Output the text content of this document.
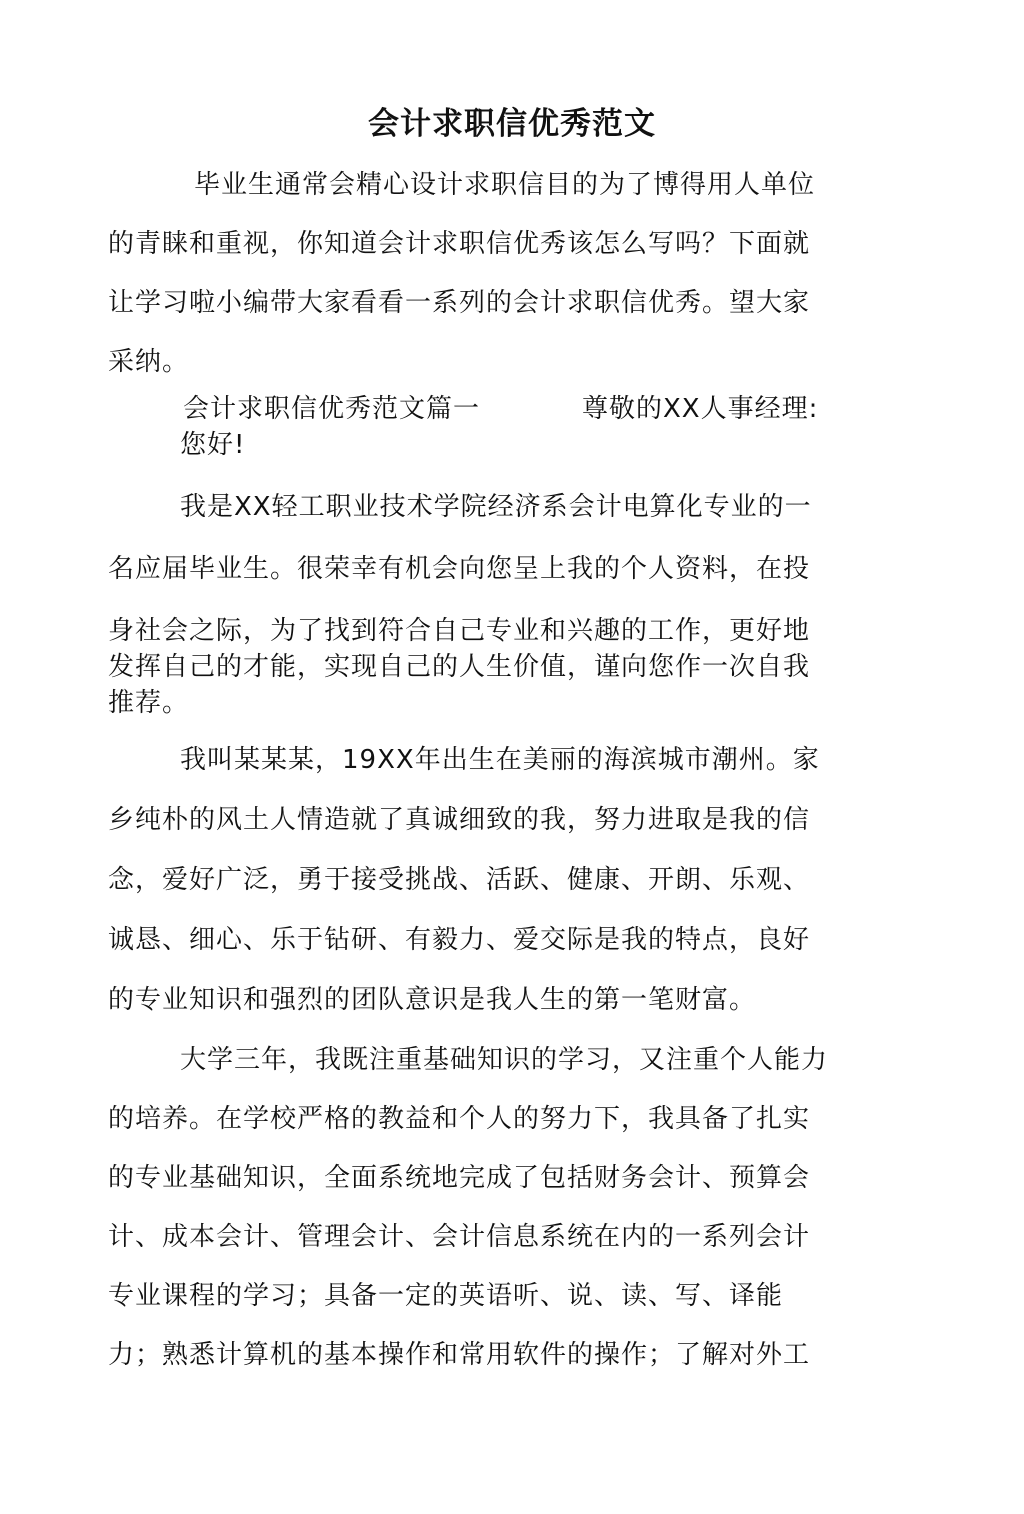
会计求职信优秀范文

毕业生通常会精心设计求职信目的为了博得用人单位

的青睐和重视，你知道会计求职信优秀该怎么写吗？下面就

让学习啦小编带大家看看一系列的会计求职信优秀。望大家

采纳。

会计求职信优秀范文篇一	尊敬的XX人事经理:

您好!

我是XX轻工职业技术学院经济系会计电算化专业的一

名应届毕业生。很荣幸有机会向您呈上我的个人资料，在投

身社会之际，为了找到符合自己专业和兴趣的工作，更好地

发挥自己的才能，实现自己的人生价值，谨向您作一次自我

推荐。

我叫某某某，19XX年出生在美丽的海滨城市潮州。家

乡纯朴的风土人情造就了真诚细致的我，努力进取是我的信

念，爱好广泛，勇于接受挑战、活跃、健康、开朗、乐观、

诚恳、细心、乐于钻研、有毅力、爱交际是我的特点，良好

的专业知识和强烈的团队意识是我人生的第一笔财富。

大学三年，我既注重基础知识的学习，又注重个人能力

的培养。在学校严格的教益和个人的努力下，我具备了扎实

的专业基础知识，全面系统地完成了包括财务会计、预算会

计、成本会计、管理会计、会计信息系统在内的一系列会计

专业课程的学习；具备一定的英语听、说、读、写、译能

力；熟悉计算机的基本操作和常用软件的操作；了解对外工
